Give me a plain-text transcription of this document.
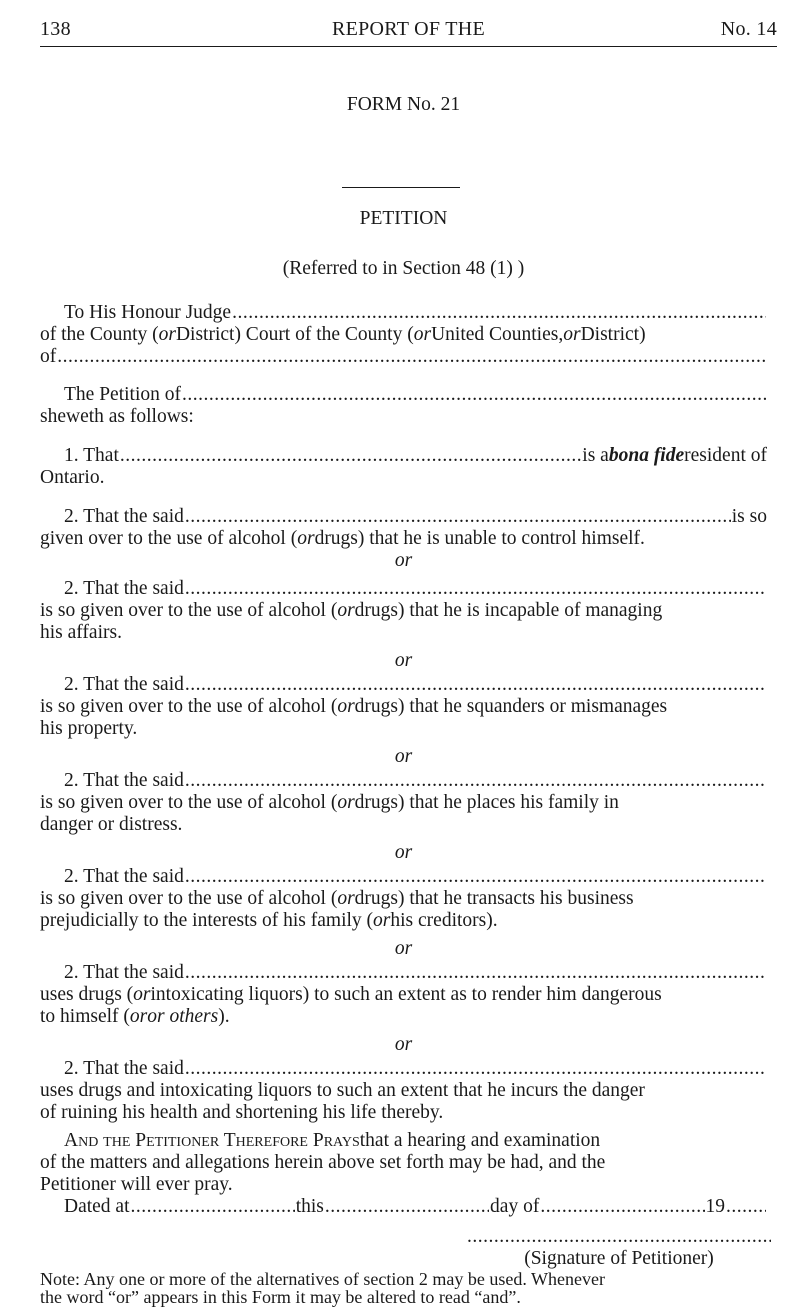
138	REPORT OF THE	No. 14
FORM No. 21
PETITION
(Referred to in Section 48 (1) )
To His Honour Judge
.....
of the County ( or District) Court of the County ( or United Counties, or District)
of
.....
The Petition of
.....
sheweth as follows:
1. That .....	is a bona fide resident of
Ontario.
2. That the said .....	is so
given over to the use of alcohol ( or drugs) that he is unable to control himself.
or
2. That the said
.....
is so given over to the use of alcohol ( or drugs) that he is incapable of managing
his affairs.
or
2. That the said
.....
is so given over to the use of alcohol ( or drugs) that he squanders or mismanages
his property.
or
2. That the said
.....
is so given over to the use of alcohol ( or drugs) that he places his family in
danger or distress.
or
2. That the said
.....
is so given over to the use of alcohol ( or drugs) that he transacts his business
prejudicially to the interests of his family ( or his creditors).
or
2. That the said
.....
uses drugs ( or intoxicating liquors) to such an extent as to render him dangerous
to himself ( or or others ).
or
2. That the said
.....
uses drugs and intoxicating liquors to such an extent that he incurs the danger
of ruining his health and shortening his life thereby.
And the Petitioner Therefore Prays that a hearing and examination
of the matters and allegations herein above set forth may be had, and the
Petitioner will ever pray.
Dated at .....	this .....	day of .....	19
.....
.....
(Signature of Petitioner)
Note: Any one or more of the alternatives of section 2 may be used. Whenever
the word “or” appears in this Form it may be altered to read “and”.
